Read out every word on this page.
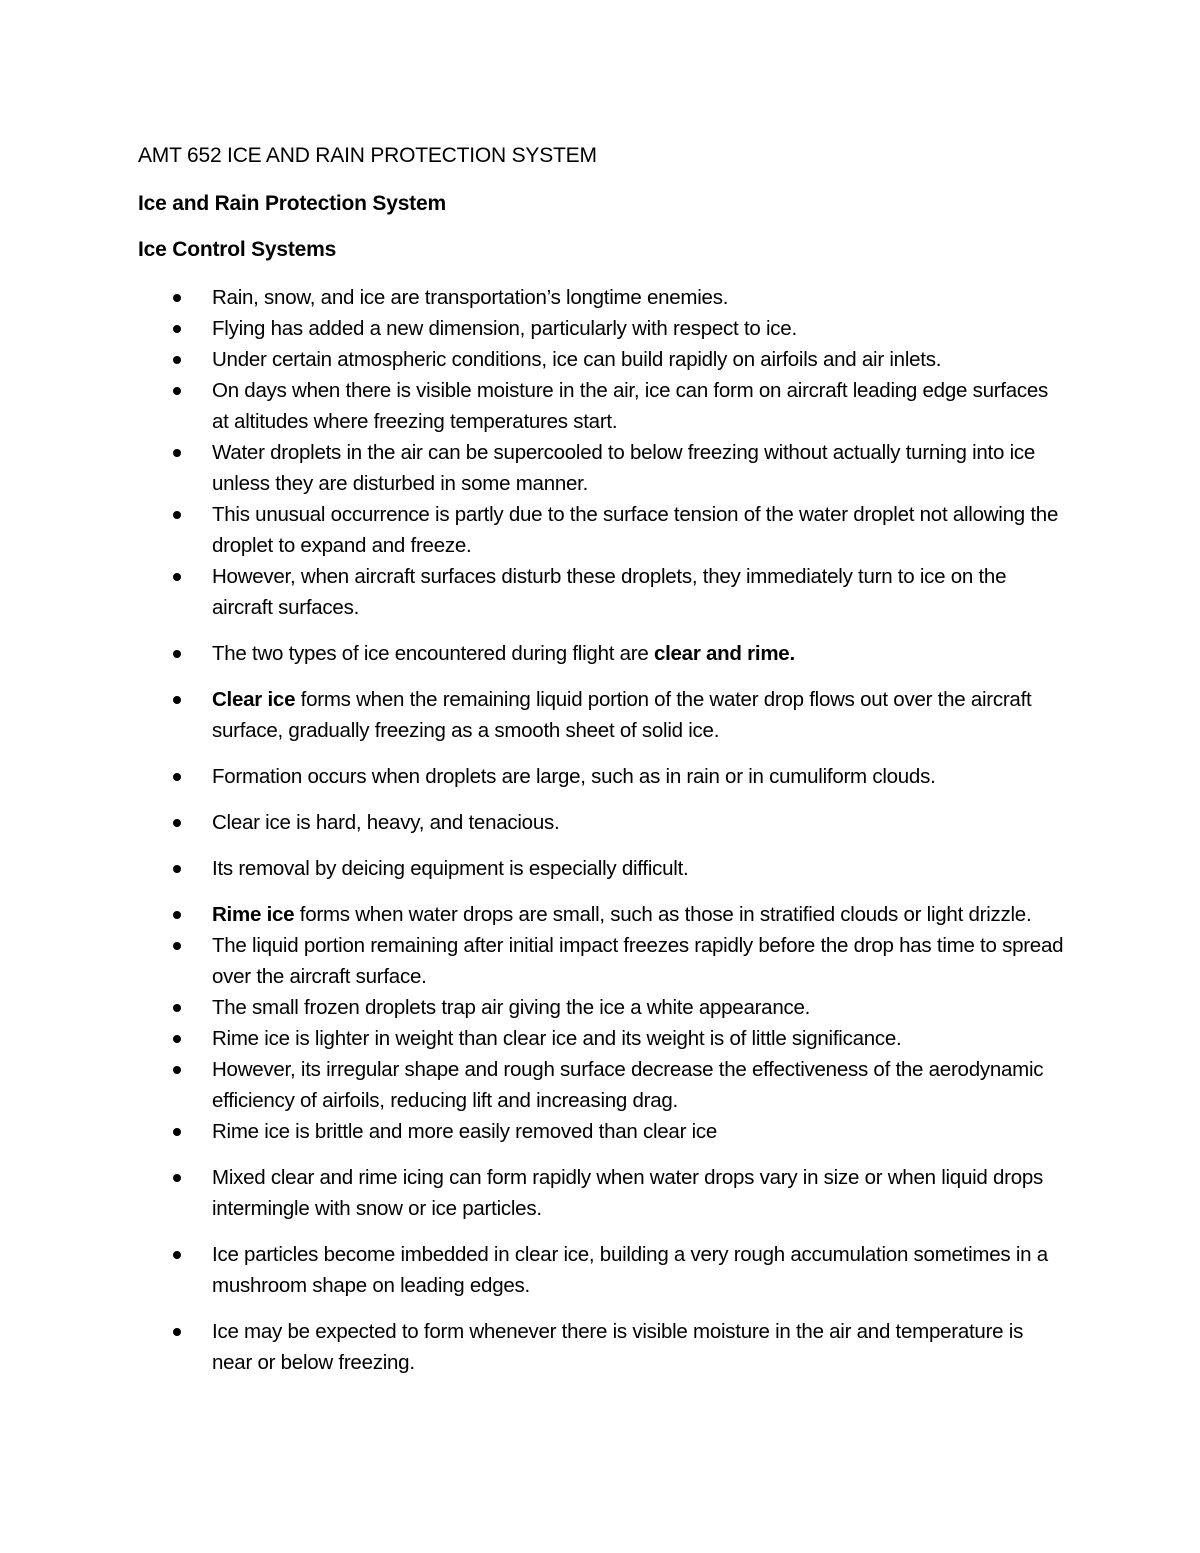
AMT 652 ICE AND RAIN PROTECTION SYSTEM
Ice and Rain Protection System
Ice Control Systems
Rain, snow, and ice are transportation’s longtime enemies.
Flying has added a new dimension, particularly with respect to ice.
Under certain atmospheric conditions, ice can build rapidly on airfoils and air inlets.
On days when there is visible moisture in the air, ice can form on aircraft leading edge surfaces at altitudes where freezing temperatures start.
Water droplets in the air can be supercooled to below freezing without actually turning into ice unless they are disturbed in some manner.
This unusual occurrence is partly due to the surface tension of the water droplet not allowing the droplet to expand and freeze.
However, when aircraft surfaces disturb these droplets, they immediately turn to ice on the aircraft surfaces.
The two types of ice encountered during flight are clear and rime.
Clear ice forms when the remaining liquid portion of the water drop flows out over the aircraft surface, gradually freezing as a smooth sheet of solid ice.
Formation occurs when droplets are large, such as in rain or in cumuliform clouds.
Clear ice is hard, heavy, and tenacious.
Its removal by deicing equipment is especially difficult.
Rime ice forms when water drops are small, such as those in stratified clouds or light drizzle.
The liquid portion remaining after initial impact freezes rapidly before the drop has time to spread over the aircraft surface.
The small frozen droplets trap air giving the ice a white appearance.
Rime ice is lighter in weight than clear ice and its weight is of little significance.
However, its irregular shape and rough surface decrease the effectiveness of the aerodynamic efficiency of airfoils, reducing lift and increasing drag.
Rime ice is brittle and more easily removed than clear ice
Mixed clear and rime icing can form rapidly when water drops vary in size or when liquid drops intermingle with snow or ice particles.
Ice particles become imbedded in clear ice, building a very rough accumulation sometimes in a mushroom shape on leading edges.
Ice may be expected to form whenever there is visible moisture in the air and temperature is near or below freezing.
